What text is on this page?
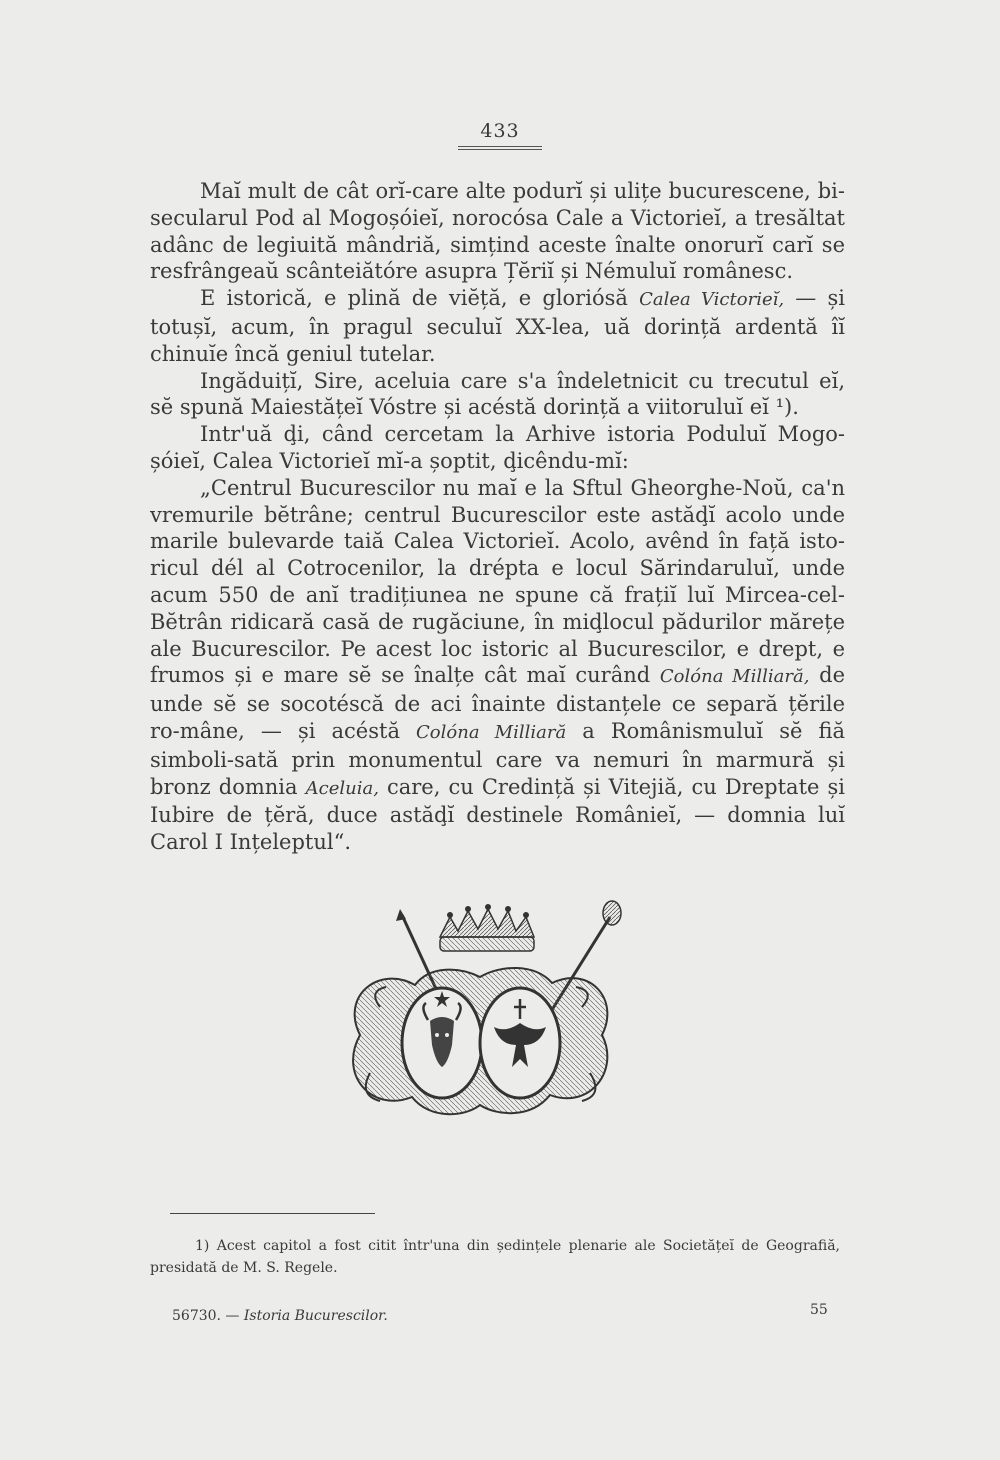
433

Maĭ mult de cât orĭ-care alte podurĭ și ulițe bucurescene, bi-secularul Pod al Mogoșóieĭ, norocósa Cale a Victorieĭ, a tresăltat adânc de legiuită mândriă, simțind aceste înalte onorurĭ carĭ se resfrângeaŭ scânteiătóre asupra Țĕriĭ și Némuluĭ românesc.

E istorică, e plină de viĕță, e gloriósă Calea Victorieĭ, — și totușĭ, acum, în pragul seculuĭ XX-lea, uă dorință ardentă îĭ chinuĭe încă geniul tutelar.

Ingăduițĭ, Sire, aceluia care s'a îndeletnicit cu trecutul eĭ, sĕ spună Maiestățeĭ Vóstre și acéstă dorință a viitoruluĭ eĭ ¹).

Intr'uă ḑi, când cercetam la Arhive istoria Poduluĭ Mogo-șóieĭ, Calea Victorieĭ mĭ-a șoptit, ḑicêndu-mĭ:

„Centrul Bucurescilor nu maĭ e la Sftul Gheorghe-Noŭ, ca'n vremurile bĕtrâne; centrul Bucurescilor este astăḑĭ acolo unde marile bulevarde taiă Calea Victorieĭ. Acolo, avênd în față isto-ricul dél al Cotrocenilor, la drépta e locul Sărindaruluĭ, unde acum 550 de anĭ tradițiunea ne spune că frațiĭ luĭ Mircea-cel-Bĕtrân ridicară casă de rugăciune, în miḑlocul pădurilor mărețe ale Bucurescilor. Pe acest loc istoric al Bucurescilor, e drept, e frumos și e mare sĕ se înalțe cât maĭ curând Colóna Milliară, de unde sĕ se socotéscă de aci înainte distanțele ce separă țĕrile ro-mâne, — și acéstă Colóna Milliară a Românismuluĭ sĕ fiă simboli-sată prin monumentul care va nemuri în marmură și bronz domnia Aceluia, care, cu Credință și Vitejiă, cu Dreptate și Iubire de țĕră, duce astăḑĭ destinele Românieĭ, — domnia luĭ Carol I Ințeleptul“.

1) Acest capitol a fost citit într'una din ședințele plenarie ale Societățeĭ de Geografiă, presidată de M. S. Regele.

56730. — Istoria Bucurescilor.	55
